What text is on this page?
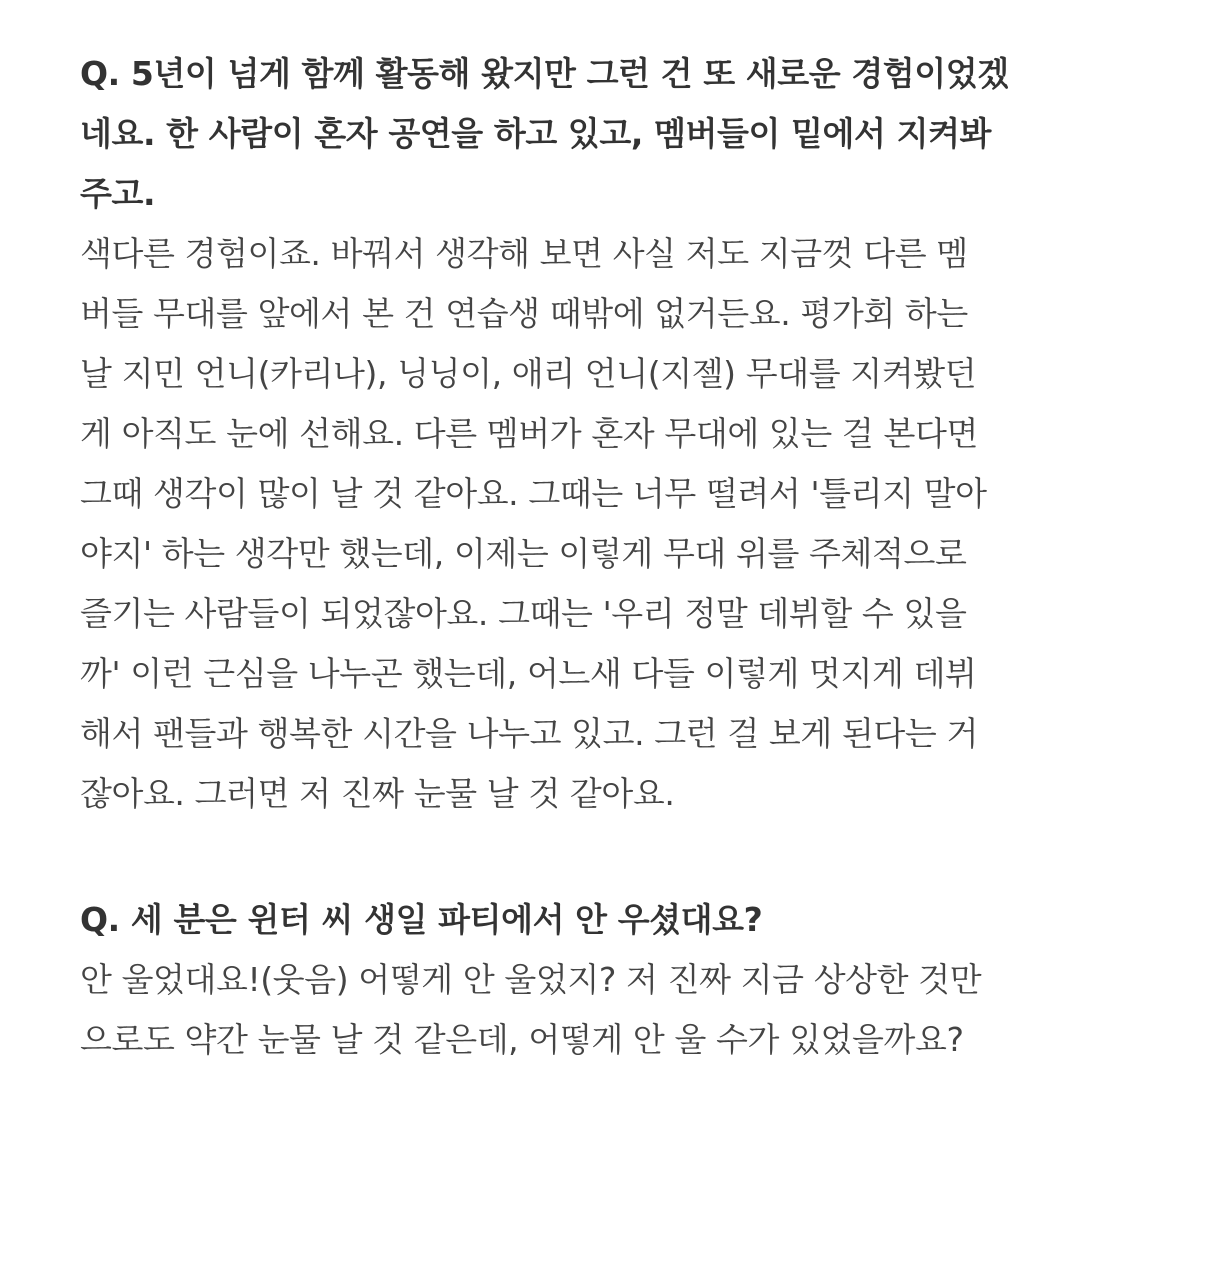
Q. 5년이 넘게 함께 활동해 왔지만 그런 건 또 새로운 경험이었겠
네요. 한 사람이 혼자 공연을 하고 있고, 멤버들이 밑에서 지켜봐
주고.
색다른 경험이죠. 바꿔서 생각해 보면 사실 저도 지금껏 다른 멤
버들 무대를 앞에서 본 건 연습생 때밖에 없거든요. 평가회 하는
날 지민 언니(카리나), 닝닝이, 애리 언니(지젤) 무대를 지켜봤던
게 아직도 눈에 선해요. 다른 멤버가 혼자 무대에 있는 걸 본다면
그때 생각이 많이 날 것 같아요. 그때는 너무 떨려서 '틀리지 말아
야지' 하는 생각만 했는데, 이제는 이렇게 무대 위를 주체적으로
즐기는 사람들이 되었잖아요. 그때는 '우리 정말 데뷔할 수 있을
까' 이런 근심을 나누곤 했는데, 어느새 다들 이렇게 멋지게 데뷔
해서 팬들과 행복한 시간을 나누고 있고. 그런 걸 보게 된다는 거
잖아요. 그러면 저 진짜 눈물 날 것 같아요.
Q. 세 분은 윈터 씨 생일 파티에서 안 우셨대요?
안 울었대요!(웃음) 어떻게 안 울었지? 저 진짜 지금 상상한 것만
으로도 약간 눈물 날 것 같은데, 어떻게 안 울 수가 있었을까요?
